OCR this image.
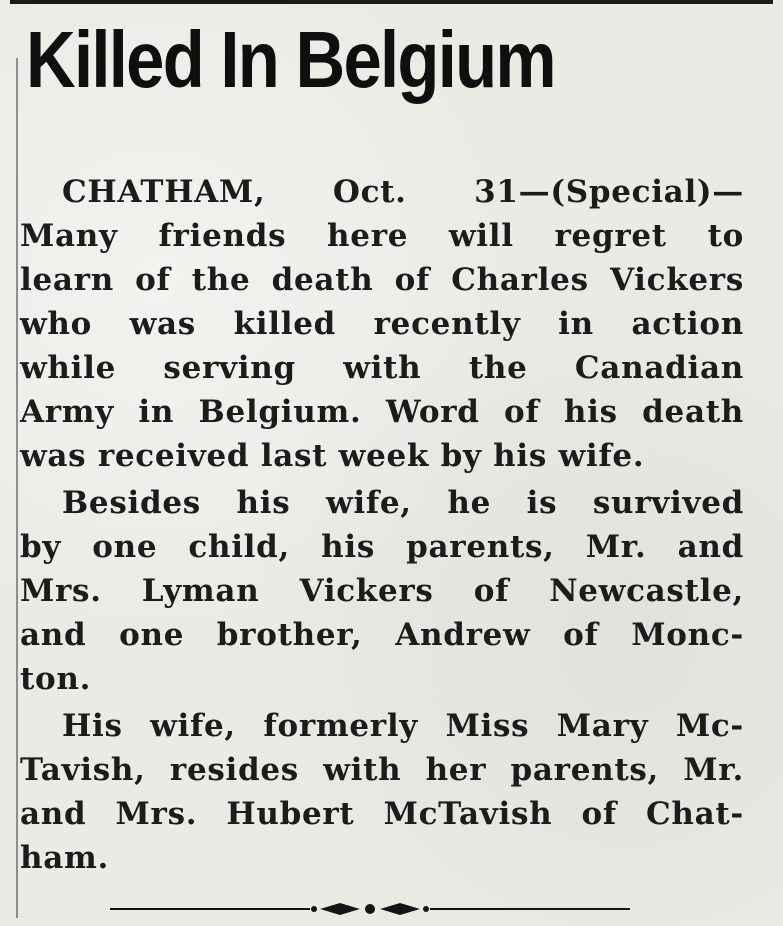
Killed In Belgium
CHATHAM, Oct. 31—(Special)—
Many friends here will regret to
learn of the death of Charles Vickers
who was killed recently in action
while serving with the Canadian
Army in Belgium. Word of his death
was received last week by his wife.
Besides his wife, he is survived
by one child, his parents, Mr. and
Mrs. Lyman Vickers of Newcastle,
and one brother, Andrew of Monc-
ton.
His wife, formerly Miss Mary Mc-
Tavish, resides with her parents, Mr.
and Mrs. Hubert McTavish of Chat-
ham.
